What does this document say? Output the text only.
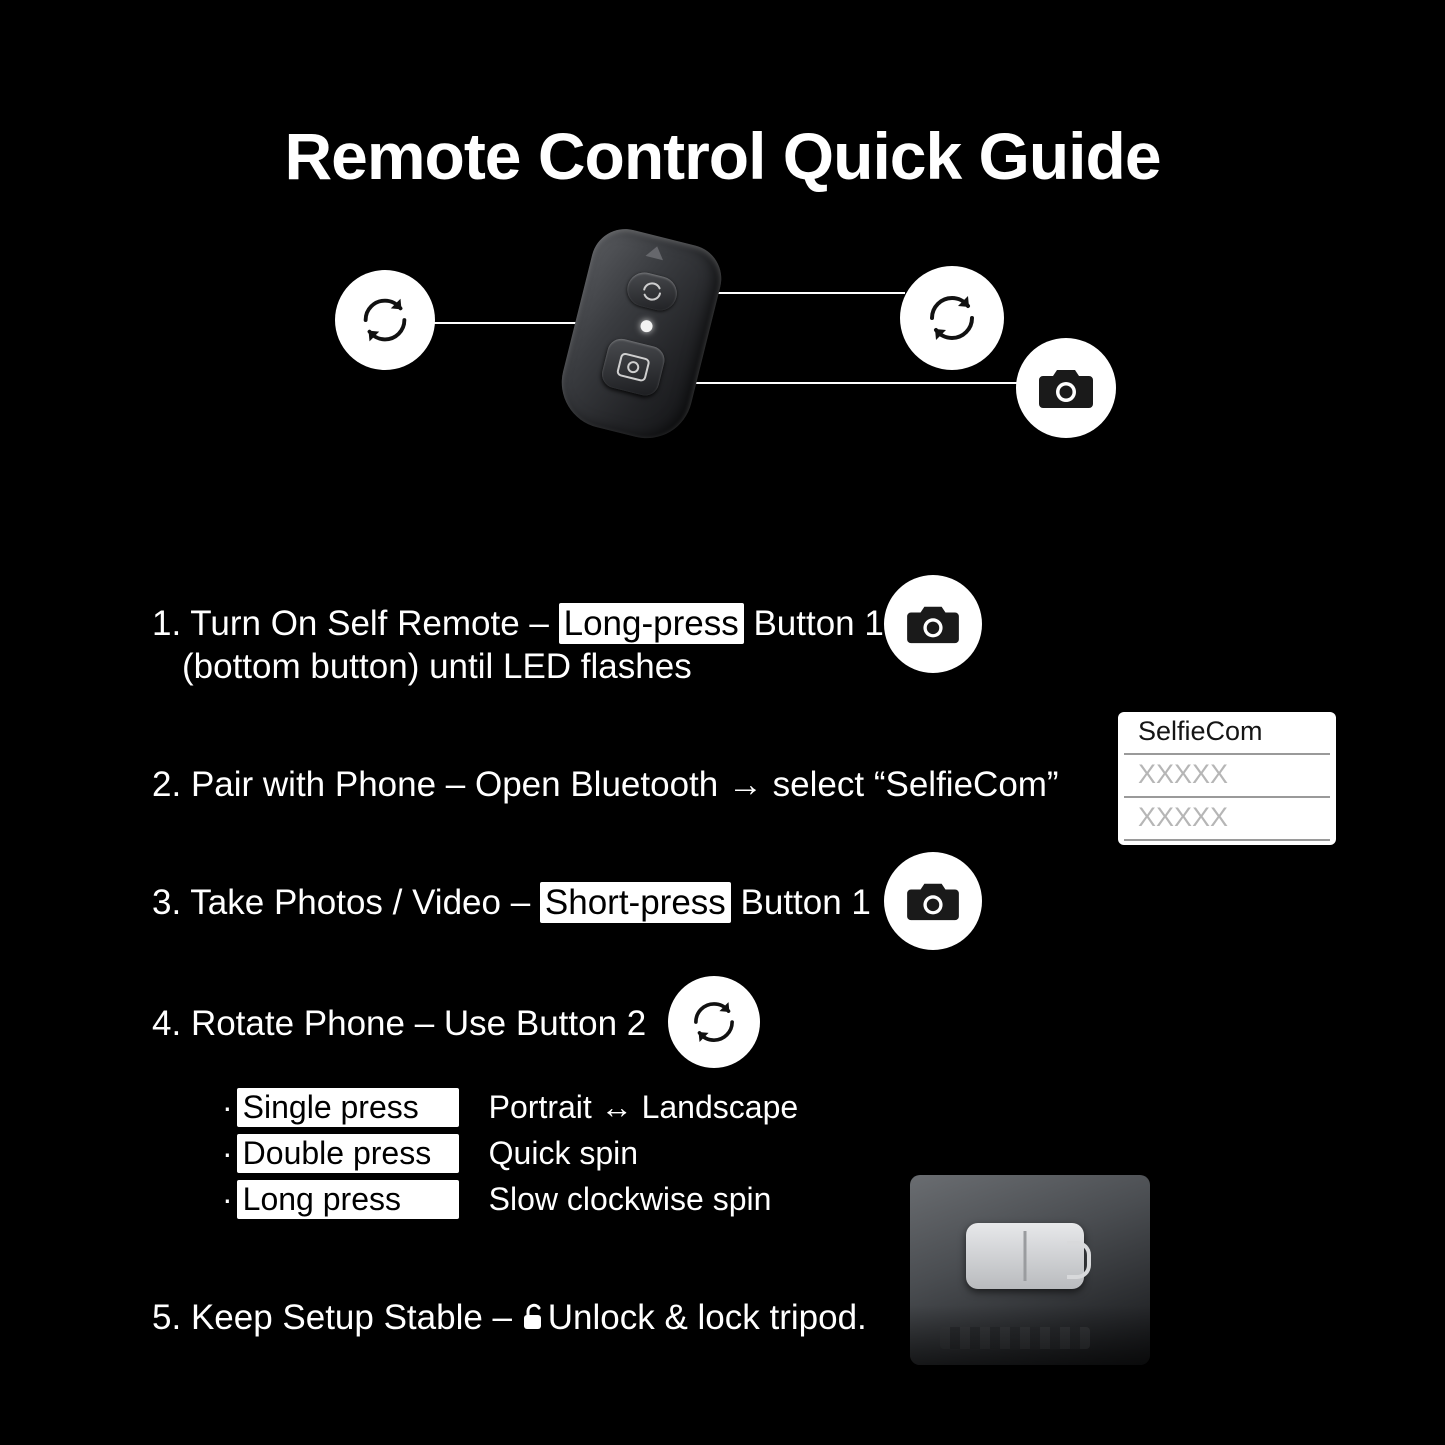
Remote Control Quick Guide
1. Turn On Self Remote – Long-press Button 1
(bottom button) until LED flashes
2. Pair with Phone – Open Bluetooth → select “SelfieCom”
SelfieCom
XXXXX
XXXXX
3. Take Photos / Video – Short-press Button 1
4. Rotate Phone – Use Button 2
· Single press Portrait ↔ Landscape
· Double press Quick spin
· Long press	Slow clockwise spin
5. Keep Setup Stable – Unlock & lock tripod.
